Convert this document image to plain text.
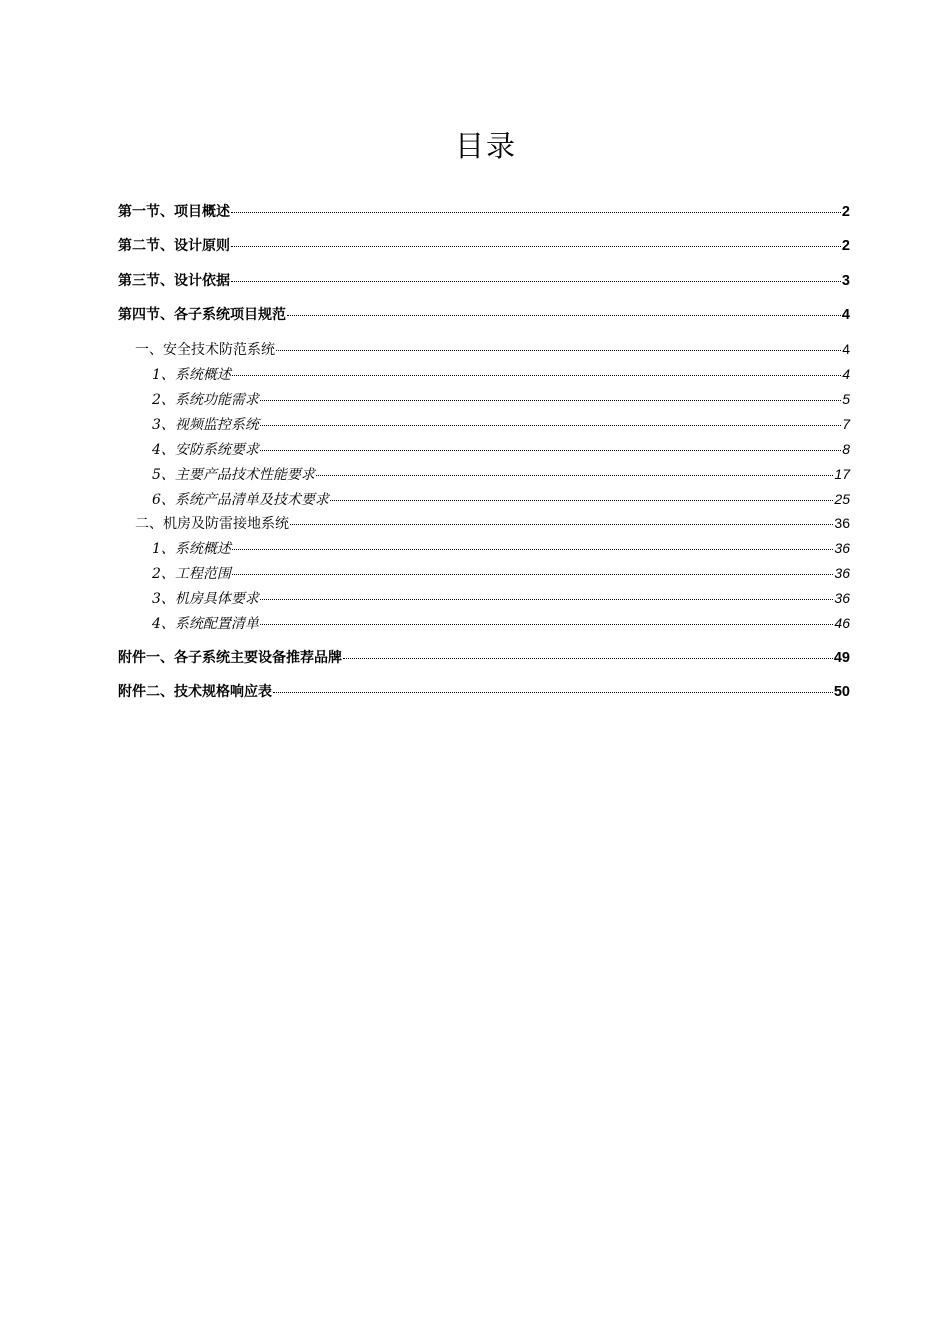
目录
第一节、项目概述	2
第二节、设计原则	2
第三节、设计依据	3
第四节、各子系统项目规范	4
一、安全技术防范系统	4
1、系统概述	4
2、系统功能需求	5
3、视频监控系统	7
4、安防系统要求	8
5、主要产品技术性能要求	17
6、系统产品清单及技术要求	25
二、机房及防雷接地系统	36
1、系统概述	36
2、工程范围	36
3、机房具体要求	36
4、系统配置清单	46
附件一、各子系统主要设备推荐品牌	49
附件二、技术规格响应表	50
